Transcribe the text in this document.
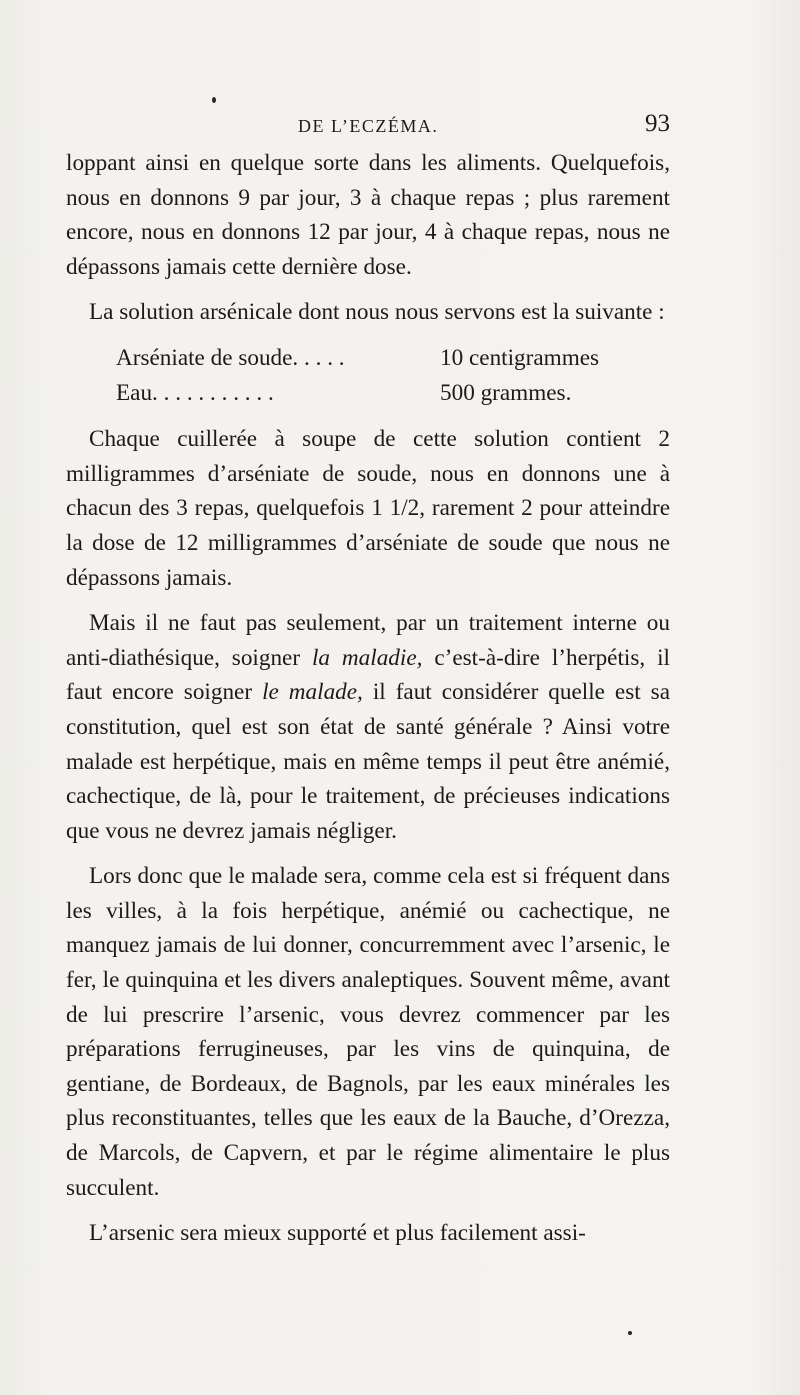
DE L’ECZÉMA.	93

loppant ainsi en quelque sorte dans les aliments. Quelquefois, nous en donnons 9 par jour, 3 à chaque repas ; plus rarement encore, nous en donnons 12 par jour, 4 à chaque repas, nous ne dépassons jamais cette dernière dose.

La solution arsénicale dont nous nous servons est la suivante :

Arséniate de soude. . . . .	10 centigrammes
Eau. . . . . . . . . . .	500 grammes.

Chaque cuillerée à soupe de cette solution contient 2 milligrammes d’arséniate de soude, nous en donnons une à chacun des 3 repas, quelquefois 1 1/2, rarement 2 pour atteindre la dose de 12 milligrammes d’arséniate de soude que nous ne dépassons jamais.

Mais il ne faut pas seulement, par un traitement interne ou anti-diathésique, soigner la maladie, c’est-à-dire l’herpétis, il faut encore soigner le malade, il faut considérer quelle est sa constitution, quel est son état de santé générale ? Ainsi votre malade est herpétique, mais en même temps il peut être anémié, cachectique, de là, pour le traitement, de précieuses indications que vous ne devrez jamais négliger.

Lors donc que le malade sera, comme cela est si fréquent dans les villes, à la fois herpétique, anémié ou cachectique, ne manquez jamais de lui donner, concurremment avec l’arsenic, le fer, le quinquina et les divers analeptiques. Souvent même, avant de lui prescrire l’arsenic, vous devrez commencer par les préparations ferrugineuses, par les vins de quinquina, de gentiane, de Bordeaux, de Bagnols, par les eaux minérales les plus reconstituantes, telles que les eaux de la Bauche, d’Orezza, de Marcols, de Capvern, et par le régime alimentaire le plus succulent.

L’arsenic sera mieux supporté et plus facilement assi-
